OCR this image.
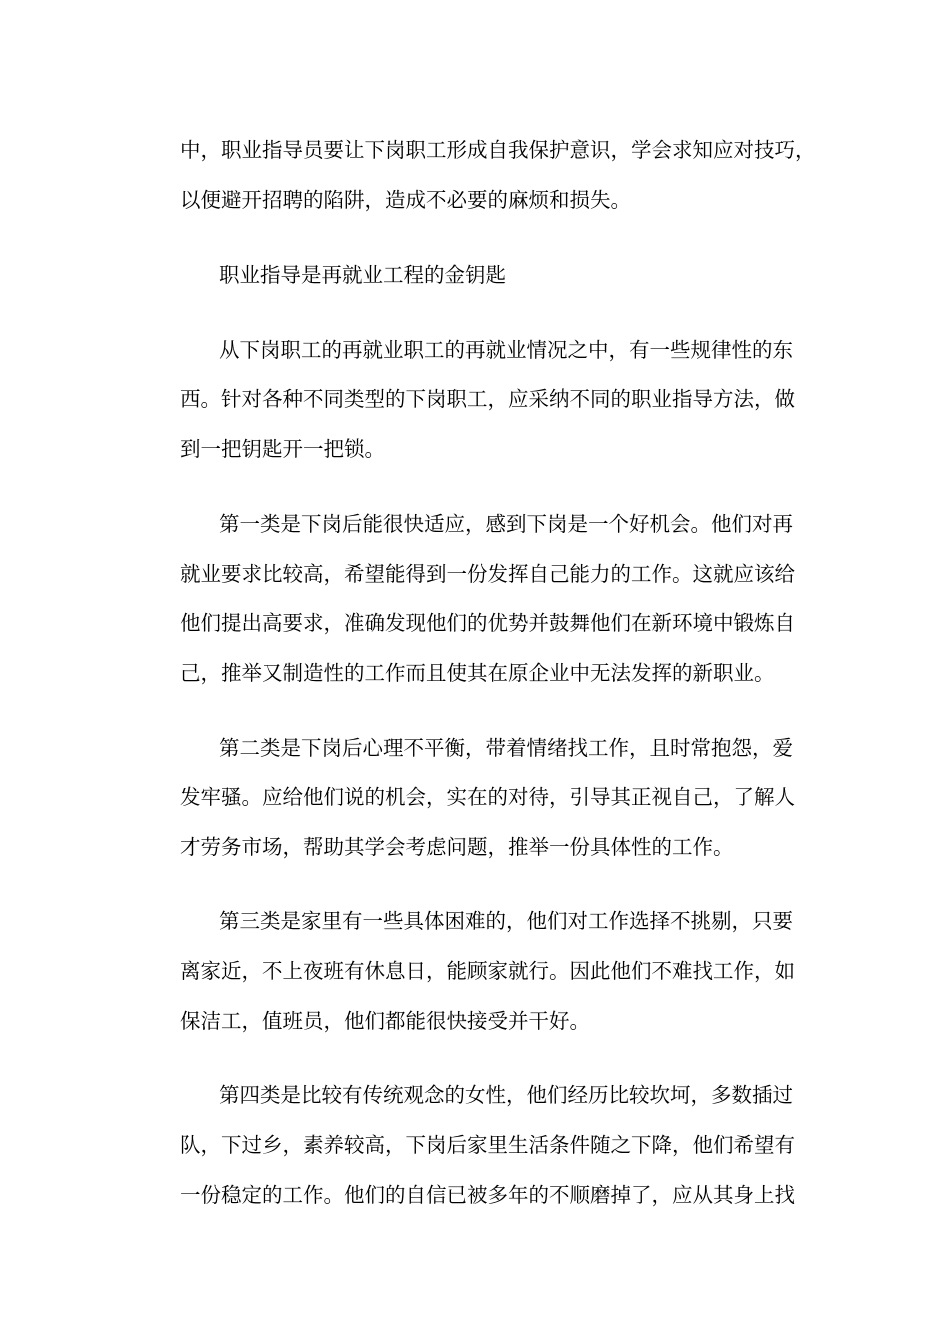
中，职业指导员要让下岗职工形成自我保护意识，学会求知应对技巧，
以便避开招聘的陷阱，造成不必要的麻烦和损失。
职业指导是再就业工程的金钥匙
从下岗职工的再就业职工的再就业情况之中，有一些规律性的东
西。针对各种不同类型的下岗职工，应采纳不同的职业指导方法，做
到一把钥匙开一把锁。
第一类是下岗后能很快适应，感到下岗是一个好机会。他们对再
就业要求比较高，希望能得到一份发挥自己能力的工作。这就应该给
他们提出高要求，准确发现他们的优势并鼓舞他们在新环境中锻炼自
己，推举又制造性的工作而且使其在原企业中无法发挥的新职业。
第二类是下岗后心理不平衡，带着情绪找工作，且时常抱怨，爱
发牢骚。应给他们说的机会，实在的对待，引导其正视自己，了解人
才劳务市场，帮助其学会考虑问题，推举一份具体性的工作。
第三类是家里有一些具体困难的，他们对工作选择不挑剔，只要
离家近，不上夜班有休息日，能顾家就行。因此他们不难找工作，如
保洁工，值班员，他们都能很快接受并干好。
第四类是比较有传统观念的女性，他们经历比较坎坷，多数插过
队，下过乡，素养较高，下岗后家里生活条件随之下降，他们希望有
一份稳定的工作。他们的自信已被多年的不顺磨掉了，应从其身上找
